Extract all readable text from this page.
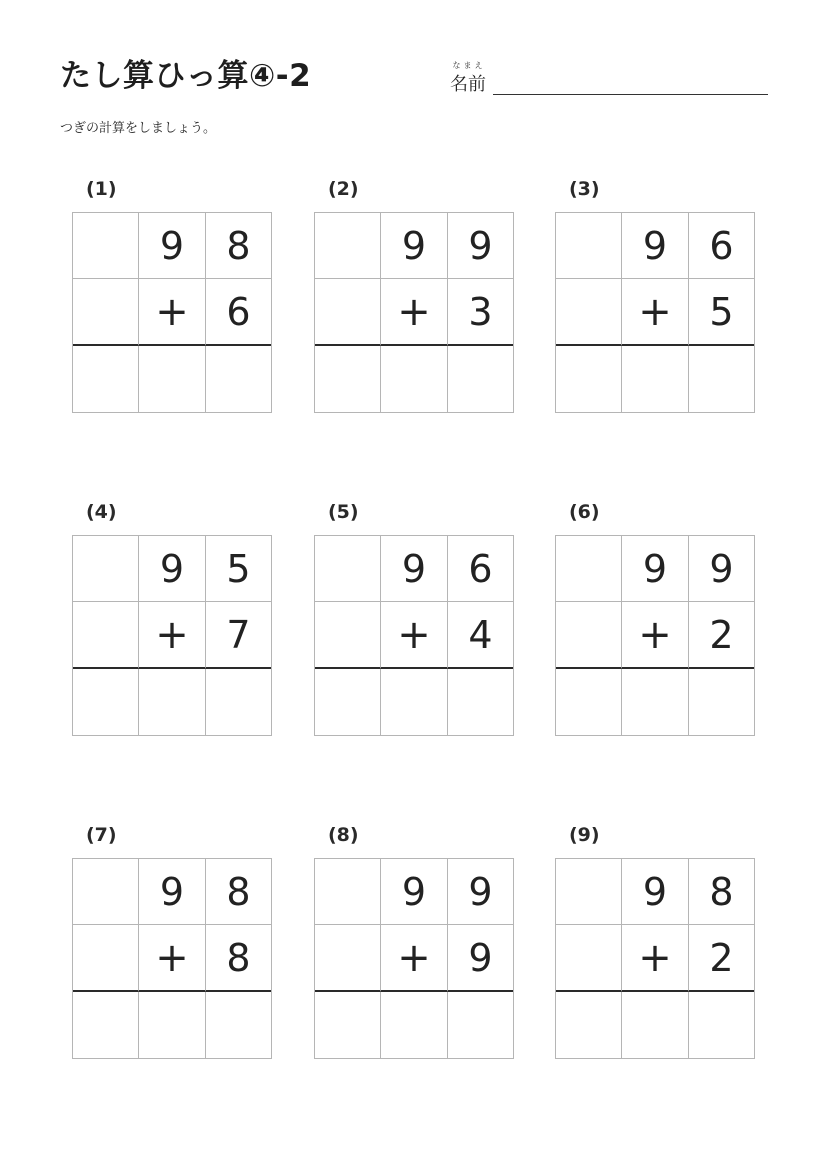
たし算ひっ算④-2	なまえ
名前
つぎの計算をしましょう。
(1)
9	8
+ 6
(2)
9	9
+ 3
(3)
9	6
+ 5
(4)
9	5
+ 7
(5)
9	6
+ 4
(6)
9	9
+ 2
(7)
9	8
+ 8
(8)
9	9
+ 9
(9)
9	8
+ 2
